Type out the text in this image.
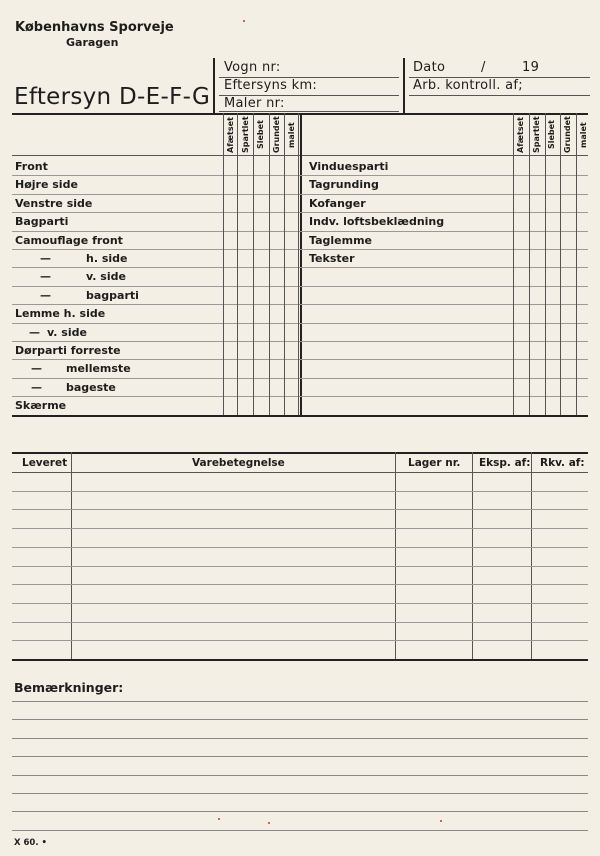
Københavns Sporveje
Garagen
Eftersyn D-E-F-G
Vogn nr:
Eftersyns km:
Maler nr:
Dato	/	19
Arb. kontroll. af;
Afætset Spartlet Slebet Grundet malet	Afætset Spartlet Slebet Grundet malet
Front
Højre side
Venstre side
Bagparti
Camouflage front
—	h. side
—	v. side
—	bagparti
Lemme h. side
— v. side
Dørparti forreste
— mellemste
— bageste
Skærme
Vinduesparti
Tagrunding
Kofanger
Indv. loftsbeklædning
Taglemme
Tekster
Leveret	Varebetegnelse	Lager nr. Eksp. af: Rkv. af:
Bemærkninger:
X 60. •
